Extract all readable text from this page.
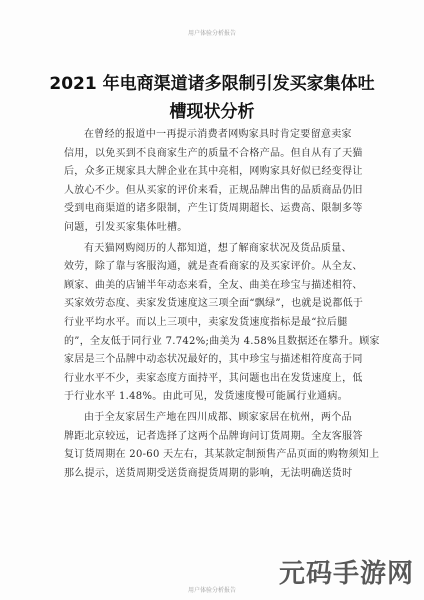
用户体验分析报告
2021 年电商渠道诸多限制引发买家集体吐
槽现状分析

在曾经的报道中一再提示消费者网购家具时肯定要留意卖家
信用，以免买到不良商家生产的质量不合格产品。但自从有了天猫
后，众多正规家具大牌企业在其中亮相，网购家具好似已经变得让
人放心不少。但从买家的评价来看，正规品牌出售的品质商品仍旧
受到电商渠道的诸多限制，产生订货周期超长、运费高、限制多等
问题，引发买家集体吐槽。

有天猫网购阅历的人都知道，想了解商家状况及货品质量、
效劳，除了靠与客服沟通，就是查看商家的及买家评价。从全友、
顾家、曲美的店铺半年动态来看，全友、曲美在珍宝与描述相符、
买家效劳态度、卖家发货速度这三项全面“飘绿”，也就是说都低于
行业平均水平。而以上三项中，卖家发货速度指标是最“拉后腿
的”，全友低于同行业 7.742%;曲美为 4.58%且数据还在攀升。顾家
家居是三个品牌中动态状况最好的，其中珍宝与描述相符度高于同
行业水平不少，卖家态度方面持平，其问题也出在发货速度上，低
于行业水平 1.48%。由此可见，发货速度慢可能属行业通病。

由于全友家居生产地在四川成都、顾家家居在杭州，两个品
牌距北京较远，记者选择了这两个品牌询问订货周期。全友客服答
复订货周期在 20-60 天左右，其某款定制预售产品页面的购物须知上
那么提示，送货周期受送货商提货周期的影响，无法明确送货时

用户体验分析报告
元码手游网
